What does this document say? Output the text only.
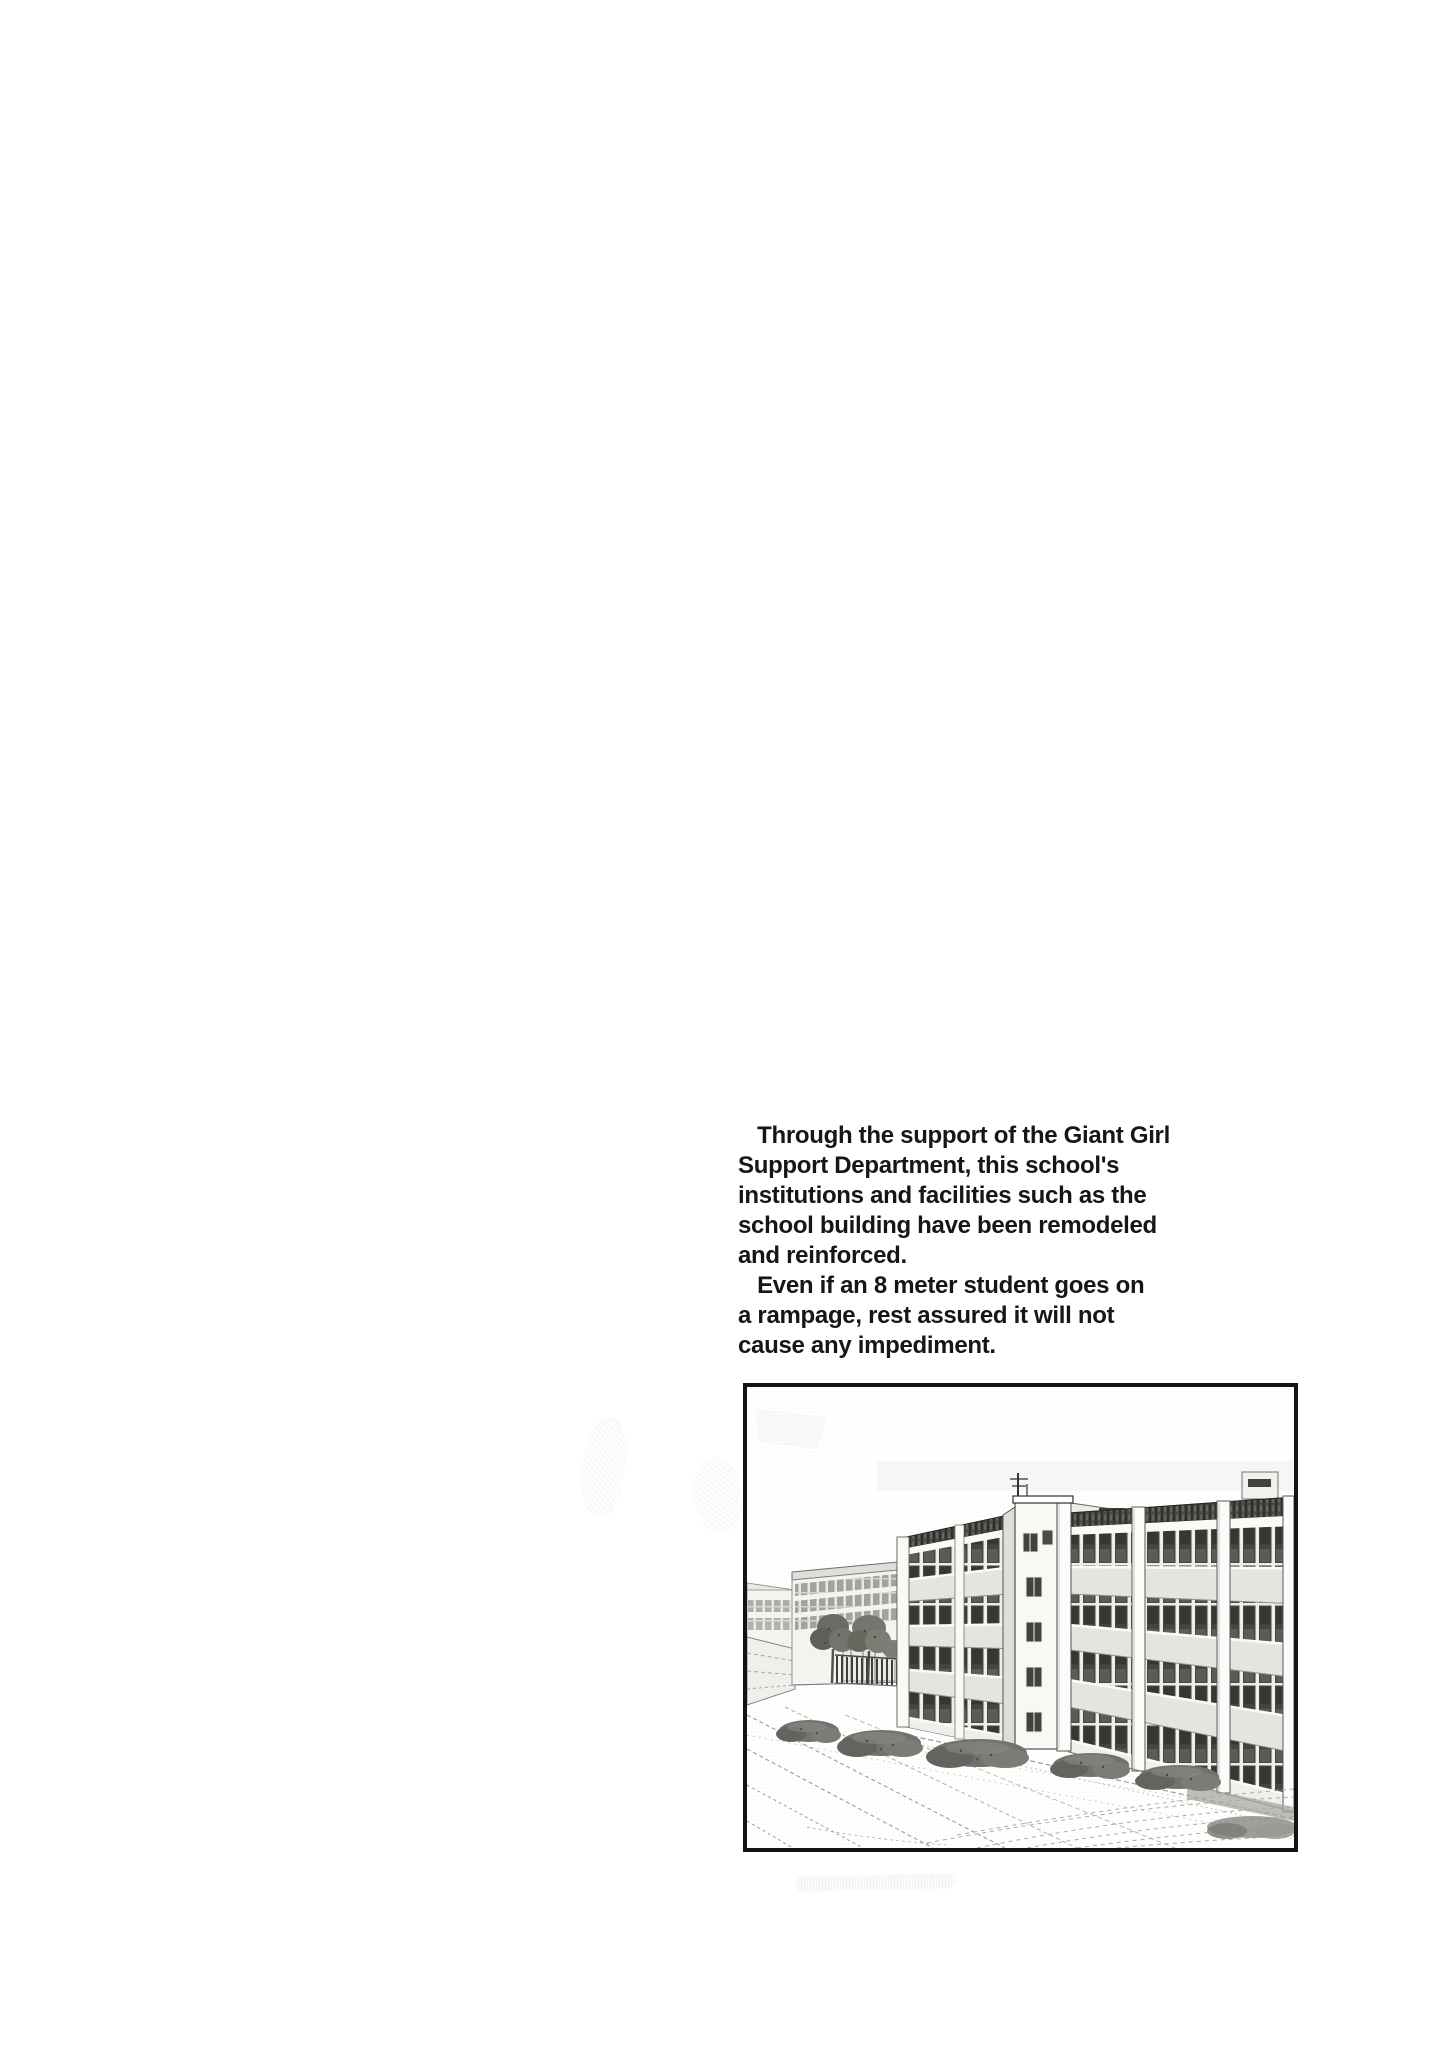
Through the support of the Giant Girl
Support Department, this school's
institutions and facilities such as the
school building have been remodeled
and reinforced.
Even if an 8 meter student goes on
a rampage, rest assured it will not
cause any impediment.
